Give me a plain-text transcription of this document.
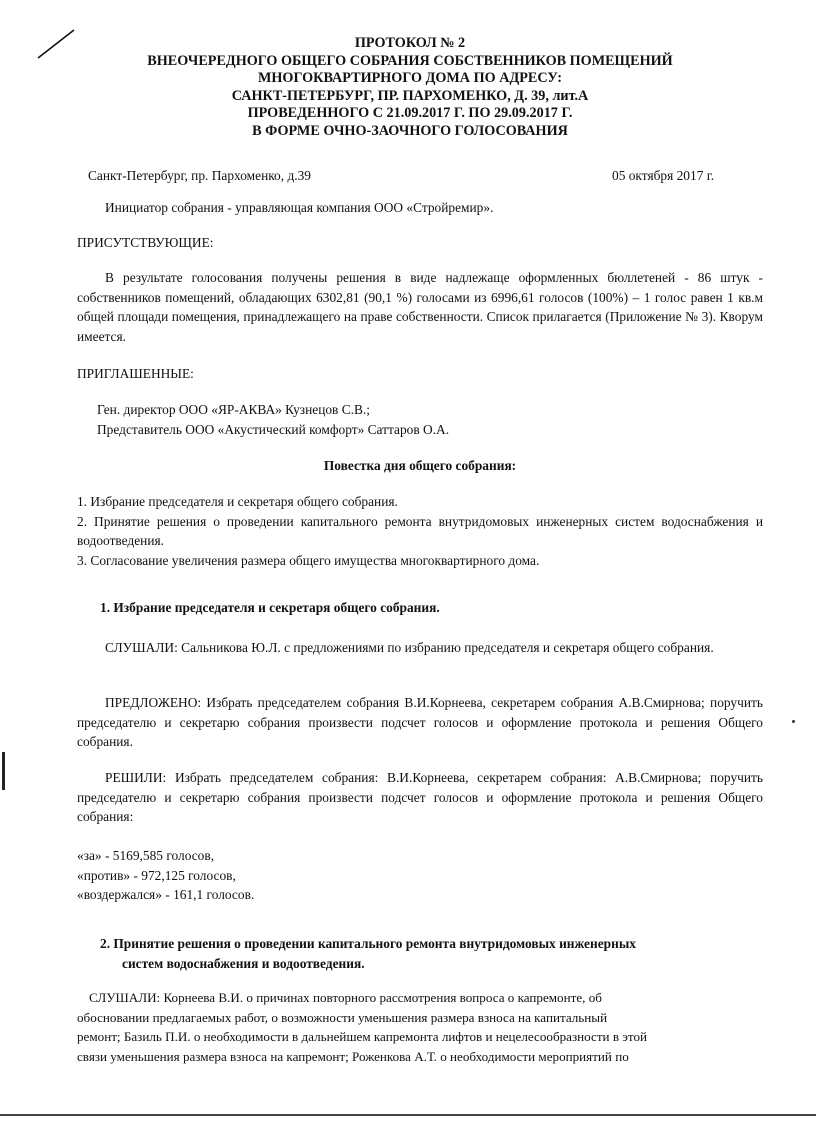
ПРОТОКОЛ № 2
ВНЕОЧЕРЕДНОГО ОБЩЕГО СОБРАНИЯ СОБСТВЕННИКОВ ПОМЕЩЕНИЙ
МНОГОКВАРТИРНОГО ДОМА ПО АДРЕСУ:
САНКТ-ПЕТЕРБУРГ, ПР. ПАРХОМЕНКО, Д. 39, лит.А
ПРОВЕДЕННОГО С 21.09.2017 Г. ПО 29.09.2017 Г.
В ФОРМЕ ОЧНО-ЗАОЧНОГО ГОЛОСОВАНИЯ
Санкт-Петербург, пр. Пархоменко, д.39	05 октября 2017 г.
Инициатор собрания - управляющая компания ООО «Стройремир».
ПРИСУТСТВУЮЩИЕ:
В результате голосования получены решения в виде надлежаще оформленных бюллетеней - 86 штук - собственников помещений, обладающих 6302,81 (90,1 %) голосами из 6996,61 голосов (100%) – 1 голос равен 1 кв.м общей площади помещения, принадлежащего на праве собственности. Список прилагается (Приложение № 3). Кворум имеется.
ПРИГЛАШЕННЫЕ:
Ген. директор ООО «ЯР-АКВА» Кузнецов С.В.;
Представитель ООО «Акустический комфорт» Саттаров О.А.
Повестка дня общего собрания:
1. Избрание председателя и секретаря общего собрания.
2. Принятие решения о проведении капитального ремонта внутридомовых инженерных систем водоснабжения и водоотведения.
3. Согласование увеличения размера общего имущества многоквартирного дома.
1. Избрание председателя и секретаря общего собрания.
СЛУШАЛИ: Сальникова Ю.Л. с предложениями по избранию председателя и секретаря общего собрания.
ПРЕДЛОЖЕНО: Избрать председателем собрания В.И.Корнеева, секретарем собрания А.В.Смирнова; поручить председателю и секретарю собрания произвести подсчет голосов и оформление протокола и решения Общего собрания.
РЕШИЛИ: Избрать председателем собрания: В.И.Корнеева, секретарем собрания: А.В.Смирнова; поручить председателю и секретарю собрания произвести подсчет голосов и оформление протокола и решения Общего собрания:
«за» - 5169,585 голосов,
«против» - 972,125 голосов,
«воздержался» - 161,1 голосов.
2. Принятие решения о проведении капитального ремонта внутридомовых инженерных
систем водоснабжения и водоотведения.
СЛУШАЛИ: Корнеева В.И. о причинах повторного рассмотрения вопроса о капремонте, об
обосновании предлагаемых работ, о возможности уменьшения размера взноса на капитальный
ремонт; Базиль П.И. о необходимости в дальнейшем капремонта лифтов и нецелесообразности в этой
связи уменьшения размера взноса на капремонт; Роженкова А.Т. о необходимости мероприятий по
